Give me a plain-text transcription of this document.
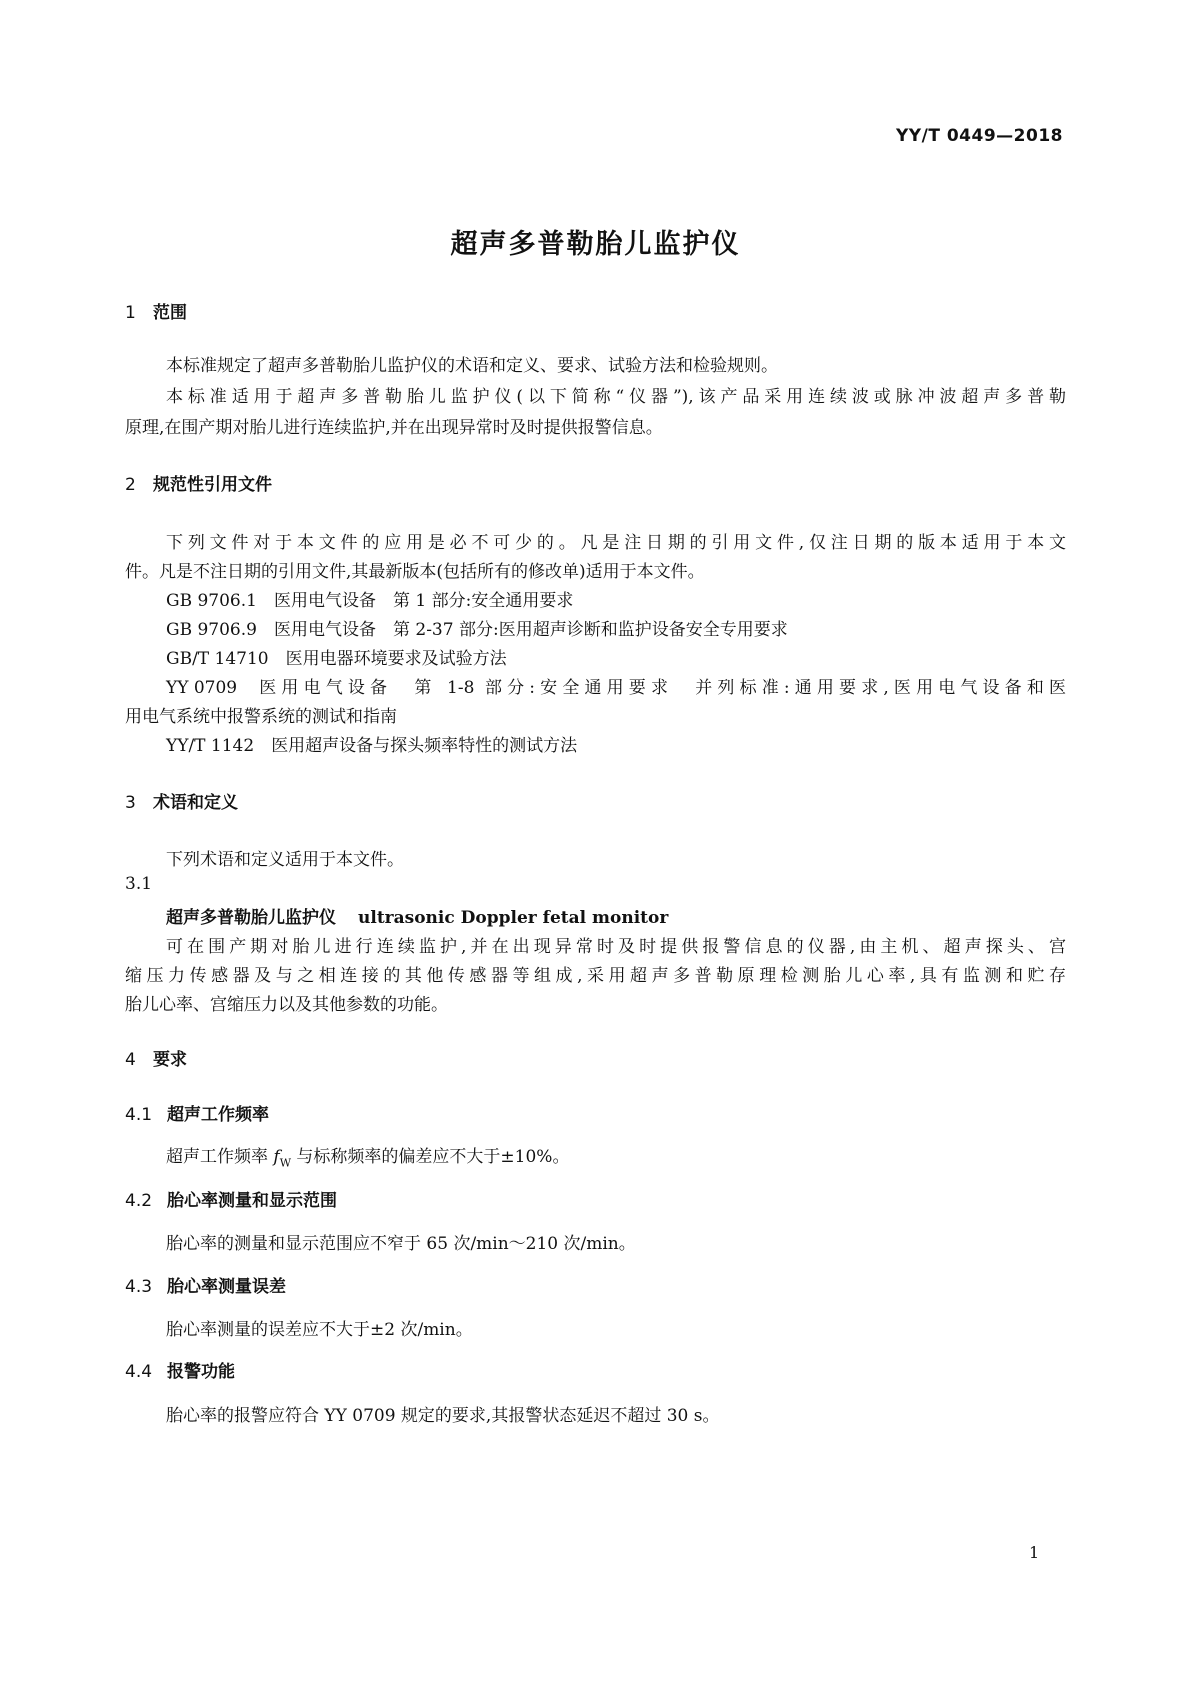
YY/T 0449—2018
超声多普勒胎儿监护仪
1 范围
本标准规定了超声多普勒胎儿监护仪的术语和定义、要求、试验方法和检验规则。
本标准适用于超声多普勒胎儿监护仪(以下简称“仪器”),该产品采用连续波或脉冲波超声多普勒
原理,在围产期对胎儿进行连续监护,并在出现异常时及时提供报警信息。
2 规范性引用文件
下列文件对于本文件的应用是必不可少的。凡是注日期的引用文件,仅注日期的版本适用于本文
件。凡是不注日期的引用文件,其最新版本(包括所有的修改单)适用于本文件。
GB 9706.1  医用电气设备　第 1 部分:安全通用要求
GB 9706.9  医用电气设备　第 2-37 部分:医用超声诊断和监护设备安全专用要求
GB/T 14710  医用电器环境要求及试验方法
YY 0709  医用电气设备　第 1-8 部分:安全通用要求　并列标准:通用要求,医用电气设备和医
用电气系统中报警系统的测试和指南
YY/T 1142  医用超声设备与探头频率特性的测试方法
3 术语和定义
下列术语和定义适用于本文件。
3.1
超声多普勒胎儿监护仪 ultrasonic Doppler fetal monitor
可在围产期对胎儿进行连续监护,并在出现异常时及时提供报警信息的仪器,由主机、超声探头、宫
缩压力传感器及与之相连接的其他传感器等组成,采用超声多普勒原理检测胎儿心率,具有监测和贮存
胎儿心率、宫缩压力以及其他参数的功能。
4 要求
4.1 超声工作频率
超声工作频率 $f_W$ 与标称频率的偏差应不大于±10%。
4.2 胎心率测量和显示范围
胎心率的测量和显示范围应不窄于 65 次/min～210 次/min。
4.3 胎心率测量误差
胎心率测量的误差应不大于±2 次/min。
4.4 报警功能
胎心率的报警应符合 YY 0709 规定的要求,其报警状态延迟不超过 30 s。
1
